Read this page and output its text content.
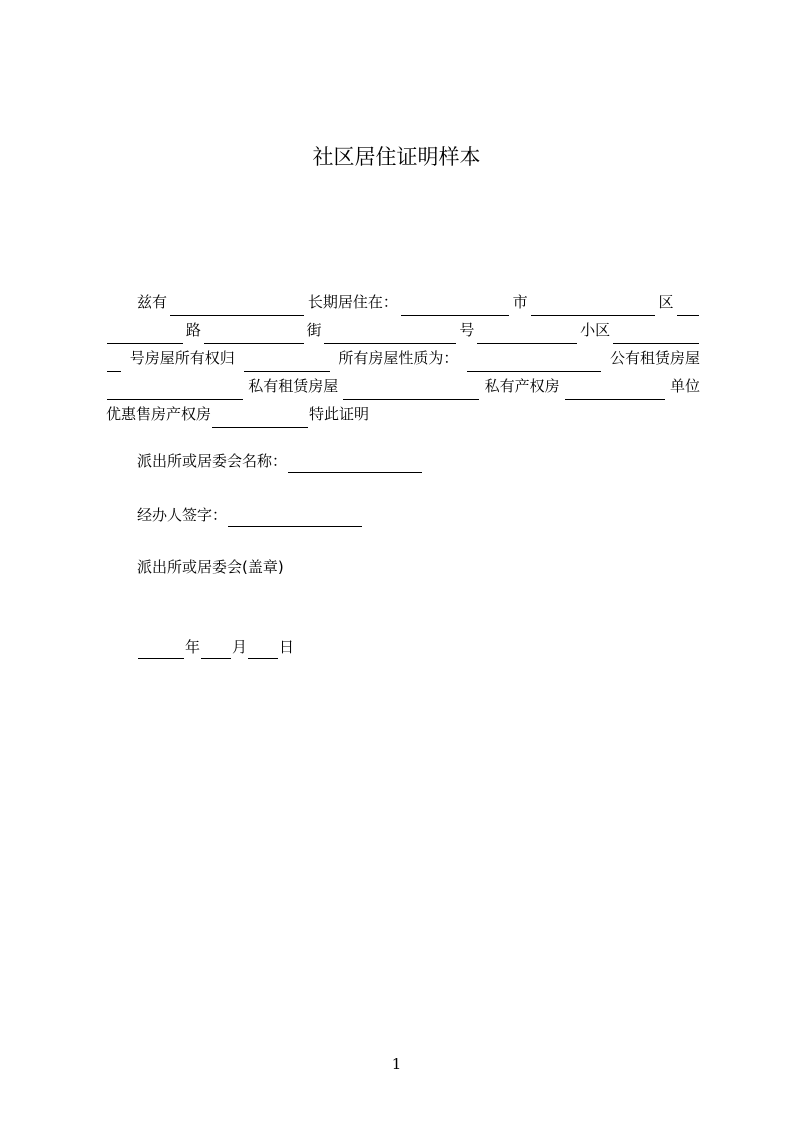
社区居住证明样本
兹有	长期居住在：	市	区
路	街	号	小区
号房屋所有权归	所有房屋性质为：	公有租赁房屋
私有租赁房屋	私有产权房	单位
优惠售房产权房	特此证明
派出所或居委会名称：
经办人签字：
派出所或居委会(盖章)
年 月 日
1
